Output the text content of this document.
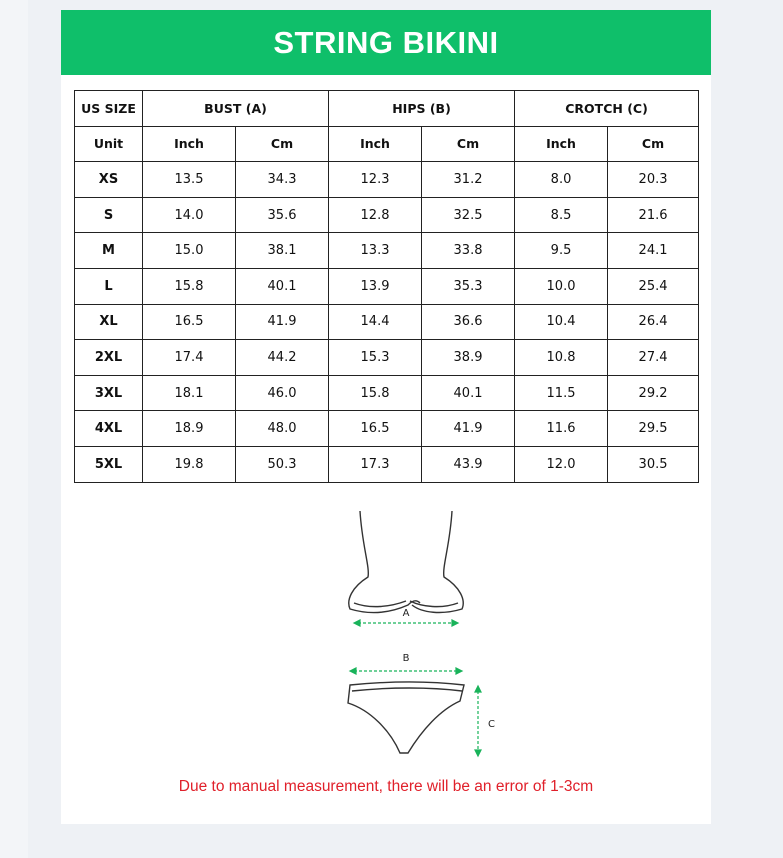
STRING BIKINI
US SIZE	BUST (A)		HIPS (B)		CROTCH (C)	
Unit	Inch	Cm	Inch	Cm	Inch	Cm
XS	13.5	34.3	12.3	31.2	8.0	20.3
S	14.0	35.6	12.8	32.5	8.5	21.6
M	15.0	38.1	13.3	33.8	9.5	24.1
L	15.8	40.1	13.9	35.3	10.0	25.4
XL	16.5	41.9	14.4	36.6	10.4	26.4
2XL	17.4	44.2	15.3	38.9	10.8	27.4
3XL	18.1	46.0	15.8	40.1	11.5	29.2
4XL	18.9	48.0	16.5	41.9	11.6	29.5
5XL	19.8	50.3	17.3	43.9	12.0	30.5
A
B
C
Due to manual measurement, there will be an error of 1-3cm
